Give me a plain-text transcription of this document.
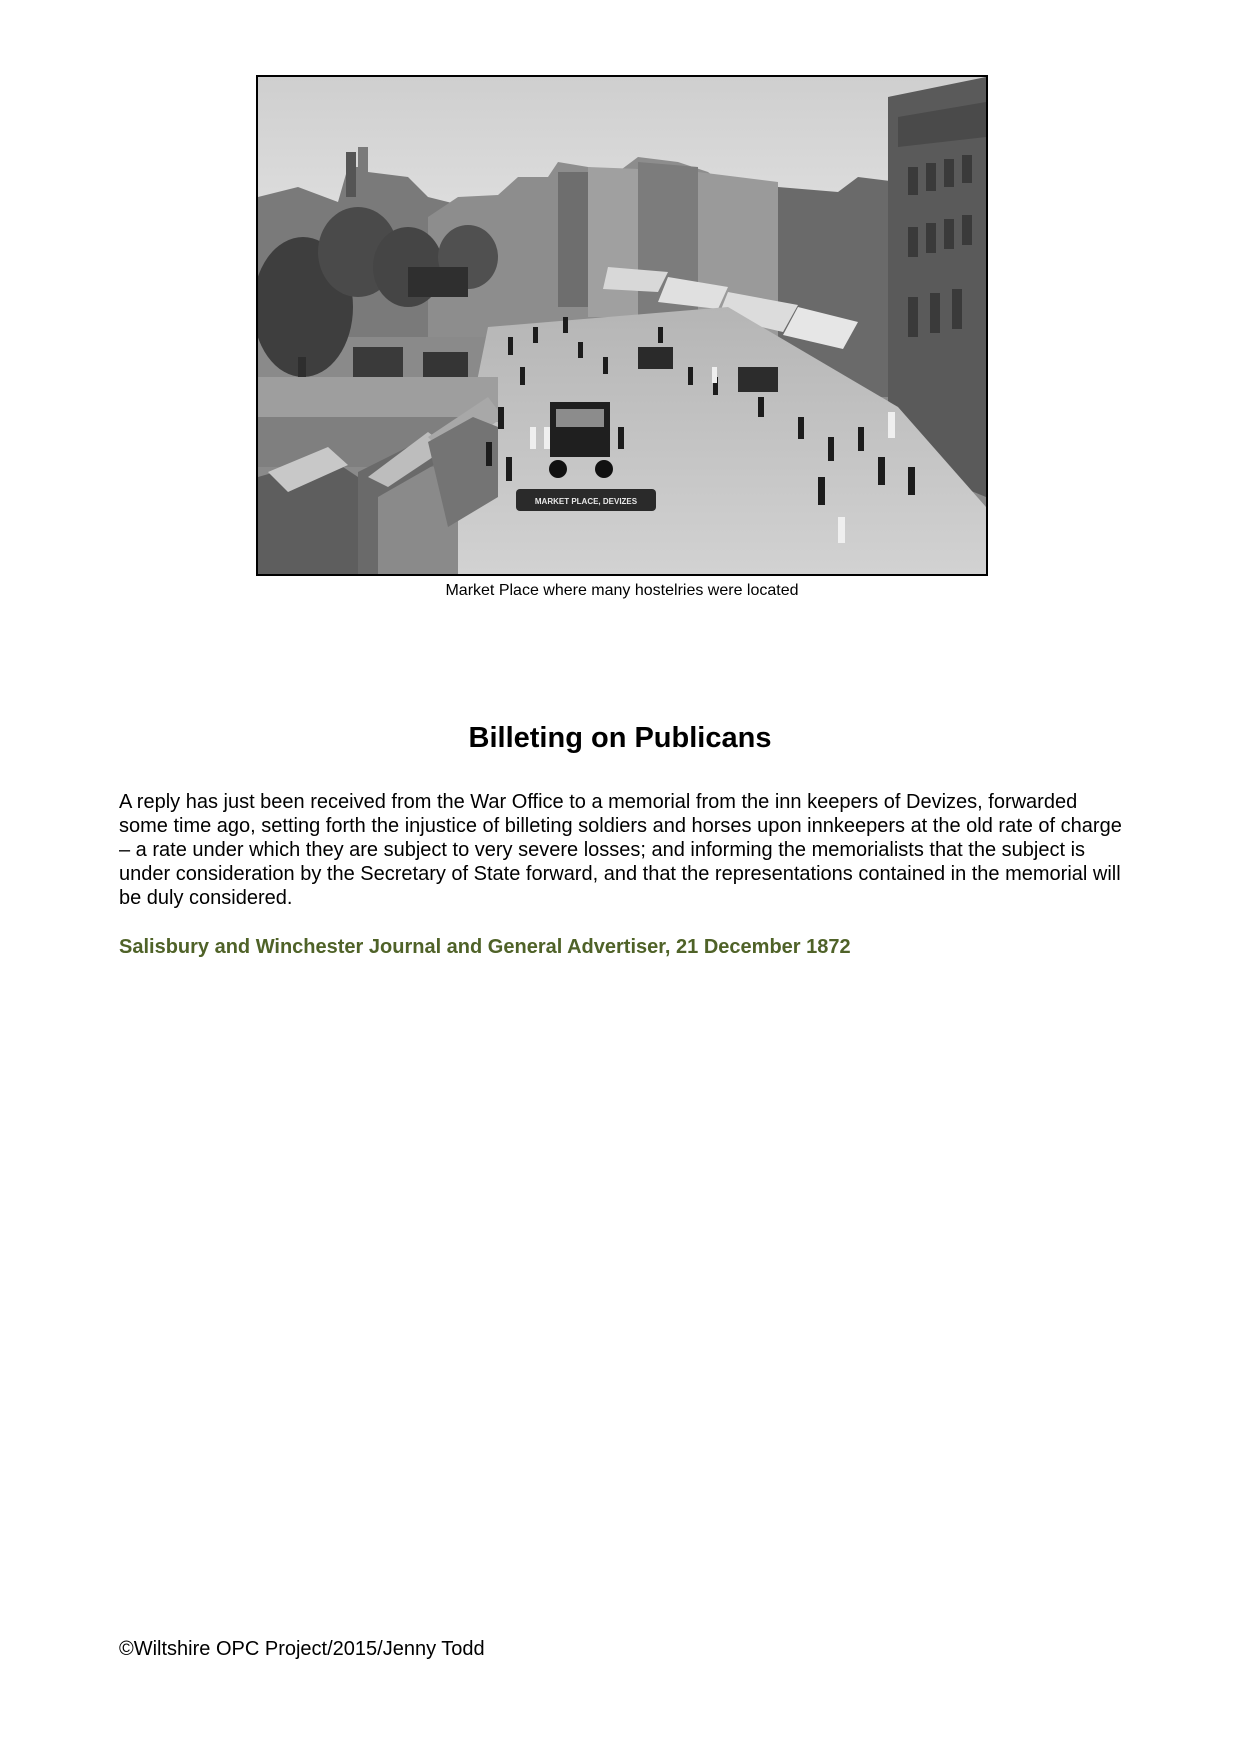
MARKET PLACE, DEVIZES
Market Place where many hostelries were located
Billeting on Publicans

A reply has just been received from the War Office to a memorial from the inn keepers of Devizes, forwarded some time ago, setting forth the injustice of billeting soldiers and horses upon innkeepers at the old rate of charge – a rate under which they are subject to very severe losses; and informing the memorialists that the subject is under consideration by the Secretary of State forward, and that the representations contained in the memorial will be duly considered.

Salisbury and Winchester Journal and General Advertiser, 21 December 1872

©Wiltshire OPC Project/2015/Jenny Todd
